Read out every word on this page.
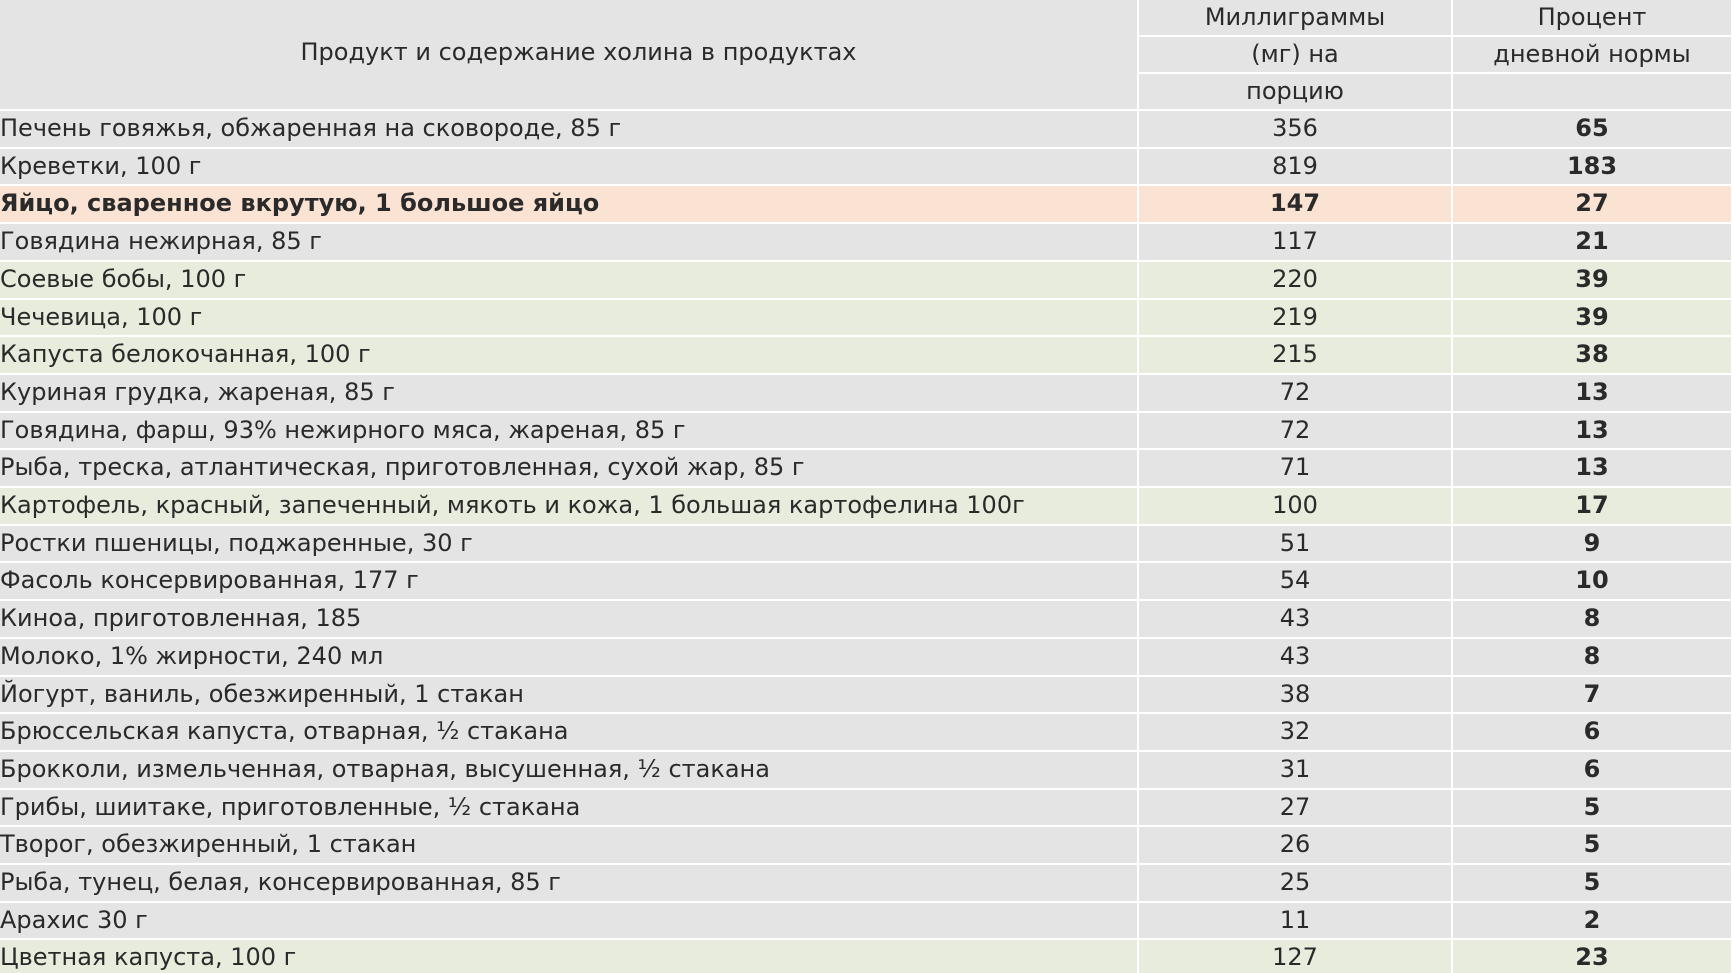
Продукт и содержание холина в продуктах	Миллиграммы	Процент
	(мг) на	дневной нормы
	порцию	
Печень говяжья, обжаренная на сковороде, 85 г	356	65
Креветки, 100 г	819	183
Яйцо, сваренное вкрутую, 1 большое яйцо	147	27
Говядина нежирная, 85 г	117	21
Соевые бобы, 100 г	220	39
Чечевица, 100 г	219	39
Капуста белокочанная, 100 г	215	38
Куриная грудка, жареная, 85 г	72	13
Говядина, фарш, 93% нежирного мяса, жареная, 85 г	72	13
Рыба, треска, атлантическая, приготовленная, сухой жар, 85 г	71	13
Картофель, красный, запеченный, мякоть и кожа, 1 большая картофелина 100г	100	17
Ростки пшеницы, поджаренные, 30 г	51	9
Фасоль консервированная, 177 г	54	10
Киноа, приготовленная, 185	43	8
Молоко, 1% жирности, 240 мл	43	8
Йогурт, ваниль, обезжиренный, 1 стакан	38	7
Брюссельская капуста, отварная, ½ стакана	32	6
Брокколи, измельченная, отварная, высушенная, ½ стакана	31	6
Грибы, шиитаке, приготовленные, ½ стакана	27	5
Творог, обезжиренный, 1 стакан	26	5
Рыба, тунец, белая, консервированная, 85 г	25	5
Арахис 30 г	11	2
Цветная капуста, 100 г	127	23
